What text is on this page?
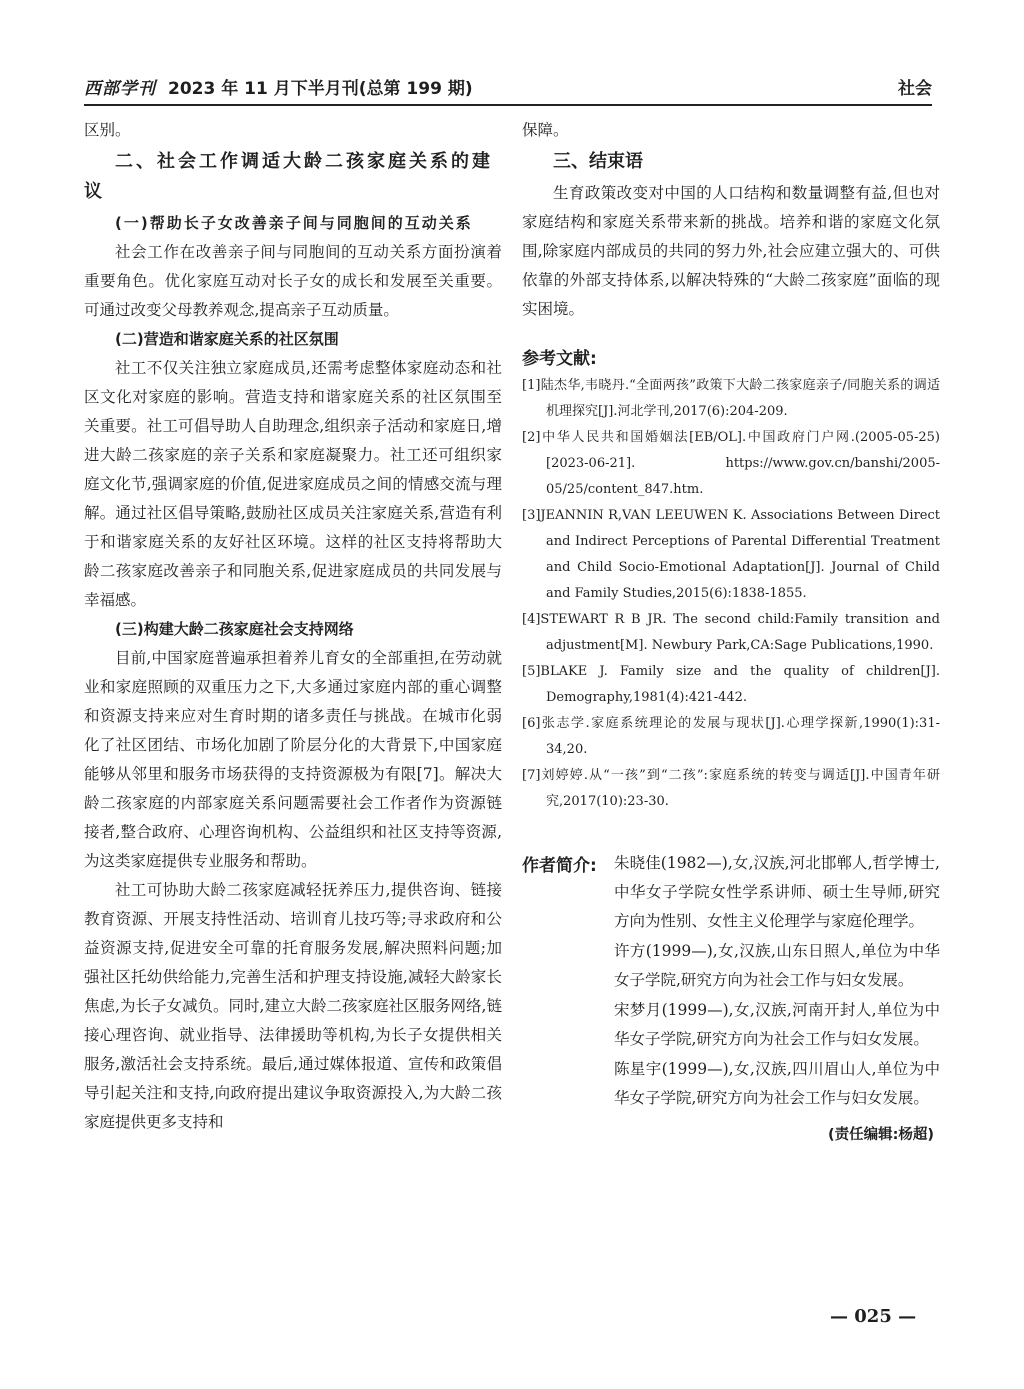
西部学刊 2023 年 11 月下半月刊(总第 199 期)	社会

区别。

二、社会工作调适大龄二孩家庭关系的建议

(一)帮助长子女改善亲子间与同胞间的互动关系

社会工作在改善亲子间与同胞间的互动关系方面扮演着重要角色。优化家庭互动对长子女的成长和发展至关重要。可通过改变父母教养观念,提高亲子互动质量。

(二)营造和谐家庭关系的社区氛围

社工不仅关注独立家庭成员,还需考虑整体家庭动态和社区文化对家庭的影响。营造支持和谐家庭关系的社区氛围至关重要。社工可倡导助人自助理念,组织亲子活动和家庭日,增进大龄二孩家庭的亲子关系和家庭凝聚力。社工还可组织家庭文化节,强调家庭的价值,促进家庭成员之间的情感交流与理解。通过社区倡导策略,鼓励社区成员关注家庭关系,营造有利于和谐家庭关系的友好社区环境。这样的社区支持将帮助大龄二孩家庭改善亲子和同胞关系,促进家庭成员的共同发展与幸福感。

(三)构建大龄二孩家庭社会支持网络

目前,中国家庭普遍承担着养儿育女的全部重担,在劳动就业和家庭照顾的双重压力之下,大多通过家庭内部的重心调整和资源支持来应对生育时期的诸多责任与挑战。在城市化弱化了社区团结、市场化加剧了阶层分化的大背景下,中国家庭能够从邻里和服务市场获得的支持资源极为有限[7]。解决大龄二孩家庭的内部家庭关系问题需要社会工作者作为资源链接者,整合政府、心理咨询机构、公益组织和社区支持等资源,为这类家庭提供专业服务和帮助。

社工可协助大龄二孩家庭减轻抚养压力,提供咨询、链接教育资源、开展支持性活动、培训育儿技巧等;寻求政府和公益资源支持,促进安全可靠的托育服务发展,解决照料问题;加强社区托幼供给能力,完善生活和护理支持设施,减轻大龄家长焦虑,为长子女减负。同时,建立大龄二孩家庭社区服务网络,链接心理咨询、就业指导、法律援助等机构,为长子女提供相关服务,激活社会支持系统。最后,通过媒体报道、宣传和政策倡导引起关注和支持,向政府提出建议争取资源投入,为大龄二孩家庭提供更多支持和

保障。

三、结束语

生育政策改变对中国的人口结构和数量调整有益,但也对家庭结构和家庭关系带来新的挑战。培养和谐的家庭文化氛围,除家庭内部成员的共同的努力外,社会应建立强大的、可供依靠的外部支持体系,以解决特殊的“大龄二孩家庭”面临的现实困境。

参考文献:

[1]陆杰华,韦晓丹.“全面两孩”政策下大龄二孩家庭亲子/同胞关系的调适机理探究[J].河北学刊,2017(6):204-209.

[2]中华人民共和国婚姻法[EB/OL].中国政府门户网.(2005-05-25)[2023-06-21]. https://www.gov.cn/banshi/2005-05/25/content_847.htm.

[3]JEANNIN R,VAN LEEUWEN K. Associations Between Direct and Indirect Perceptions of Parental Differential Treatment and Child Socio-Emotional Adaptation[J]. Journal of Child and Family Studies,2015(6):1838-1855.

[4]STEWART R B JR. The second child:Family transition and adjustment[M]. Newbury Park,CA:Sage Publications,1990.

[5]BLAKE J. Family size and the quality of children[J]. Demography,1981(4):421-442.

[6]张志学.家庭系统理论的发展与现状[J].心理学探新,1990(1):31-34,20.

[7]刘婷婷.从“一孩”到“二孩”:家庭系统的转变与调适[J].中国青年研究,2017(10):23-30.

作者简介: 朱晓佳(1982—),女,汉族,河北邯郸人,哲学博士,中华女子学院女性学系讲师、硕士生导师,研究方向为性别、女性主义伦理学与家庭伦理学。

许方(1999—),女,汉族,山东日照人,单位为中华女子学院,研究方向为社会工作与妇女发展。

宋梦月(1999—),女,汉族,河南开封人,单位为中华女子学院,研究方向为社会工作与妇女发展。

陈星宇(1999—),女,汉族,四川眉山人,单位为中华女子学院,研究方向为社会工作与妇女发展。

(责任编辑:杨超)
— 025 —
